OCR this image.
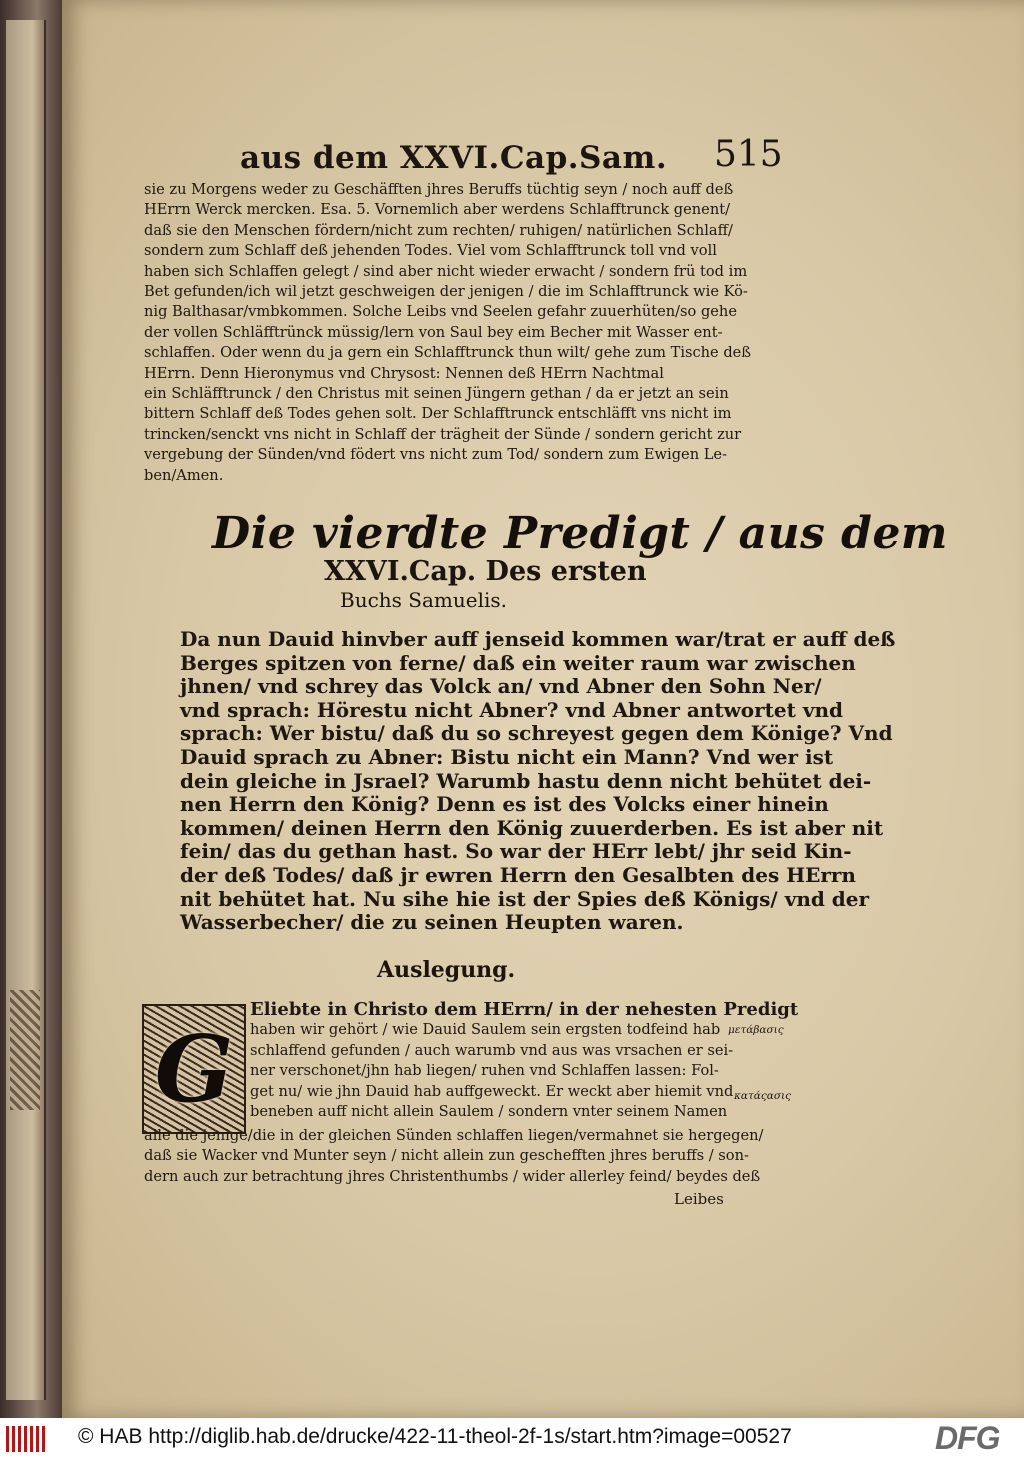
aus dem XXVI.Cap.Sam. 515
sie zu Morgens weder zu Geschäfften jhres Beruffs tüchtig seyn / noch auff deß
HErrn Werck mercken. Esa. 5. Vornemlich aber werdens Schlafftrunck genent/
daß sie den Menschen fördern/nicht zum rechten/ ruhigen/ natürlichen Schlaff/
sondern zum Schlaff deß jehenden Todes. Viel vom Schlafftrunck toll vnd voll
haben sich Schlaffen gelegt / sind aber nicht wieder erwacht / sondern frü tod im
Bet gefunden/ich wil jetzt geschweigen der jenigen / die im Schlafftrunck wie Kö-
nig Balthasar/vmbkommen. Solche Leibs vnd Seelen gefahr zuuerhüten/so gehe
der vollen Schläfftrünck müssig/lern von Saul bey eim Becher mit Wasser ent-
schlaffen. Oder wenn du ja gern ein Schlafftrunck thun wilt/ gehe zum Tische deß
HErrn. Denn Hieronymus vnd Chrysost: Nennen deß HErrn Nachtmal
ein Schläfftrunck / den Christus mit seinen Jüngern gethan / da er jetzt an sein
bittern Schlaff deß Todes gehen solt. Der Schlafftrunck entschläfft vns nicht im
trincken/senckt vns nicht in Schlaff der trägheit der Sünde / sondern gericht zur
vergebung der Sünden/vnd födert vns nicht zum Tod/ sondern zum Ewigen Le-
ben/Amen.
Die vierdte Predigt / aus dem
XXVI.Cap. Des ersten
Buchs Samuelis.
Da nun Dauid hinvber auff jenseid kommen war/trat er auff deß
Berges spitzen von ferne/ daß ein weiter raum war zwischen
jhnen/ vnd schrey das Volck an/ vnd Abner den Sohn Ner/
vnd sprach: Hörestu nicht Abner? vnd Abner antwortet vnd
sprach: Wer bistu/ daß du so schreyest gegen dem Könige? Vnd
Dauid sprach zu Abner: Bistu nicht ein Mann? Vnd wer ist
dein gleiche in Jsrael? Warumb hastu denn nicht behütet dei-
nen Herrn den König? Denn es ist des Volcks einer hinein
kommen/ deinen Herrn den König zuuerderben. Es ist aber nit
fein/ das du gethan hast. So war der HErr lebt/ jhr seid Kin-
der deß Todes/ daß jr ewren Herrn den Gesalbten des HErrn
nit behütet hat. Nu sihe hie ist der Spies deß Königs/ vnd der
Wasserbecher/ die zu seinen Heupten waren.
Auslegung.
G
Eliebte in Christo dem HErrn/ in der nehesten Predigt
haben wir gehört / wie Dauid Saulem sein ergsten todfeind hab
schlaffend gefunden / auch warumb vnd aus was vrsachen er sei-
ner verschonet/jhn hab liegen/ ruhen vnd Schlaffen lassen: Fol-
get nu/ wie jhn Dauid hab auffgeweckt. Er weckt aber hiemit vnd
beneben auff nicht allein Saulem / sondern vnter seinem Namen
alle die jenige/die in der gleichen Sünden schlaffen liegen/vermahnet sie hergegen/
daß sie Wacker vnd Munter seyn / nicht allein zun geschefften jhres beruffs / son-
dern auch zur betrachtung jhres Christenthumbs / wider allerley feind/ beydes deß
Leibes
μετάβασις
κατάςασις
© HAB http://diglib.hab.de/drucke/422-11-theol-2f-1s/start.htm?image=00527	DFG
